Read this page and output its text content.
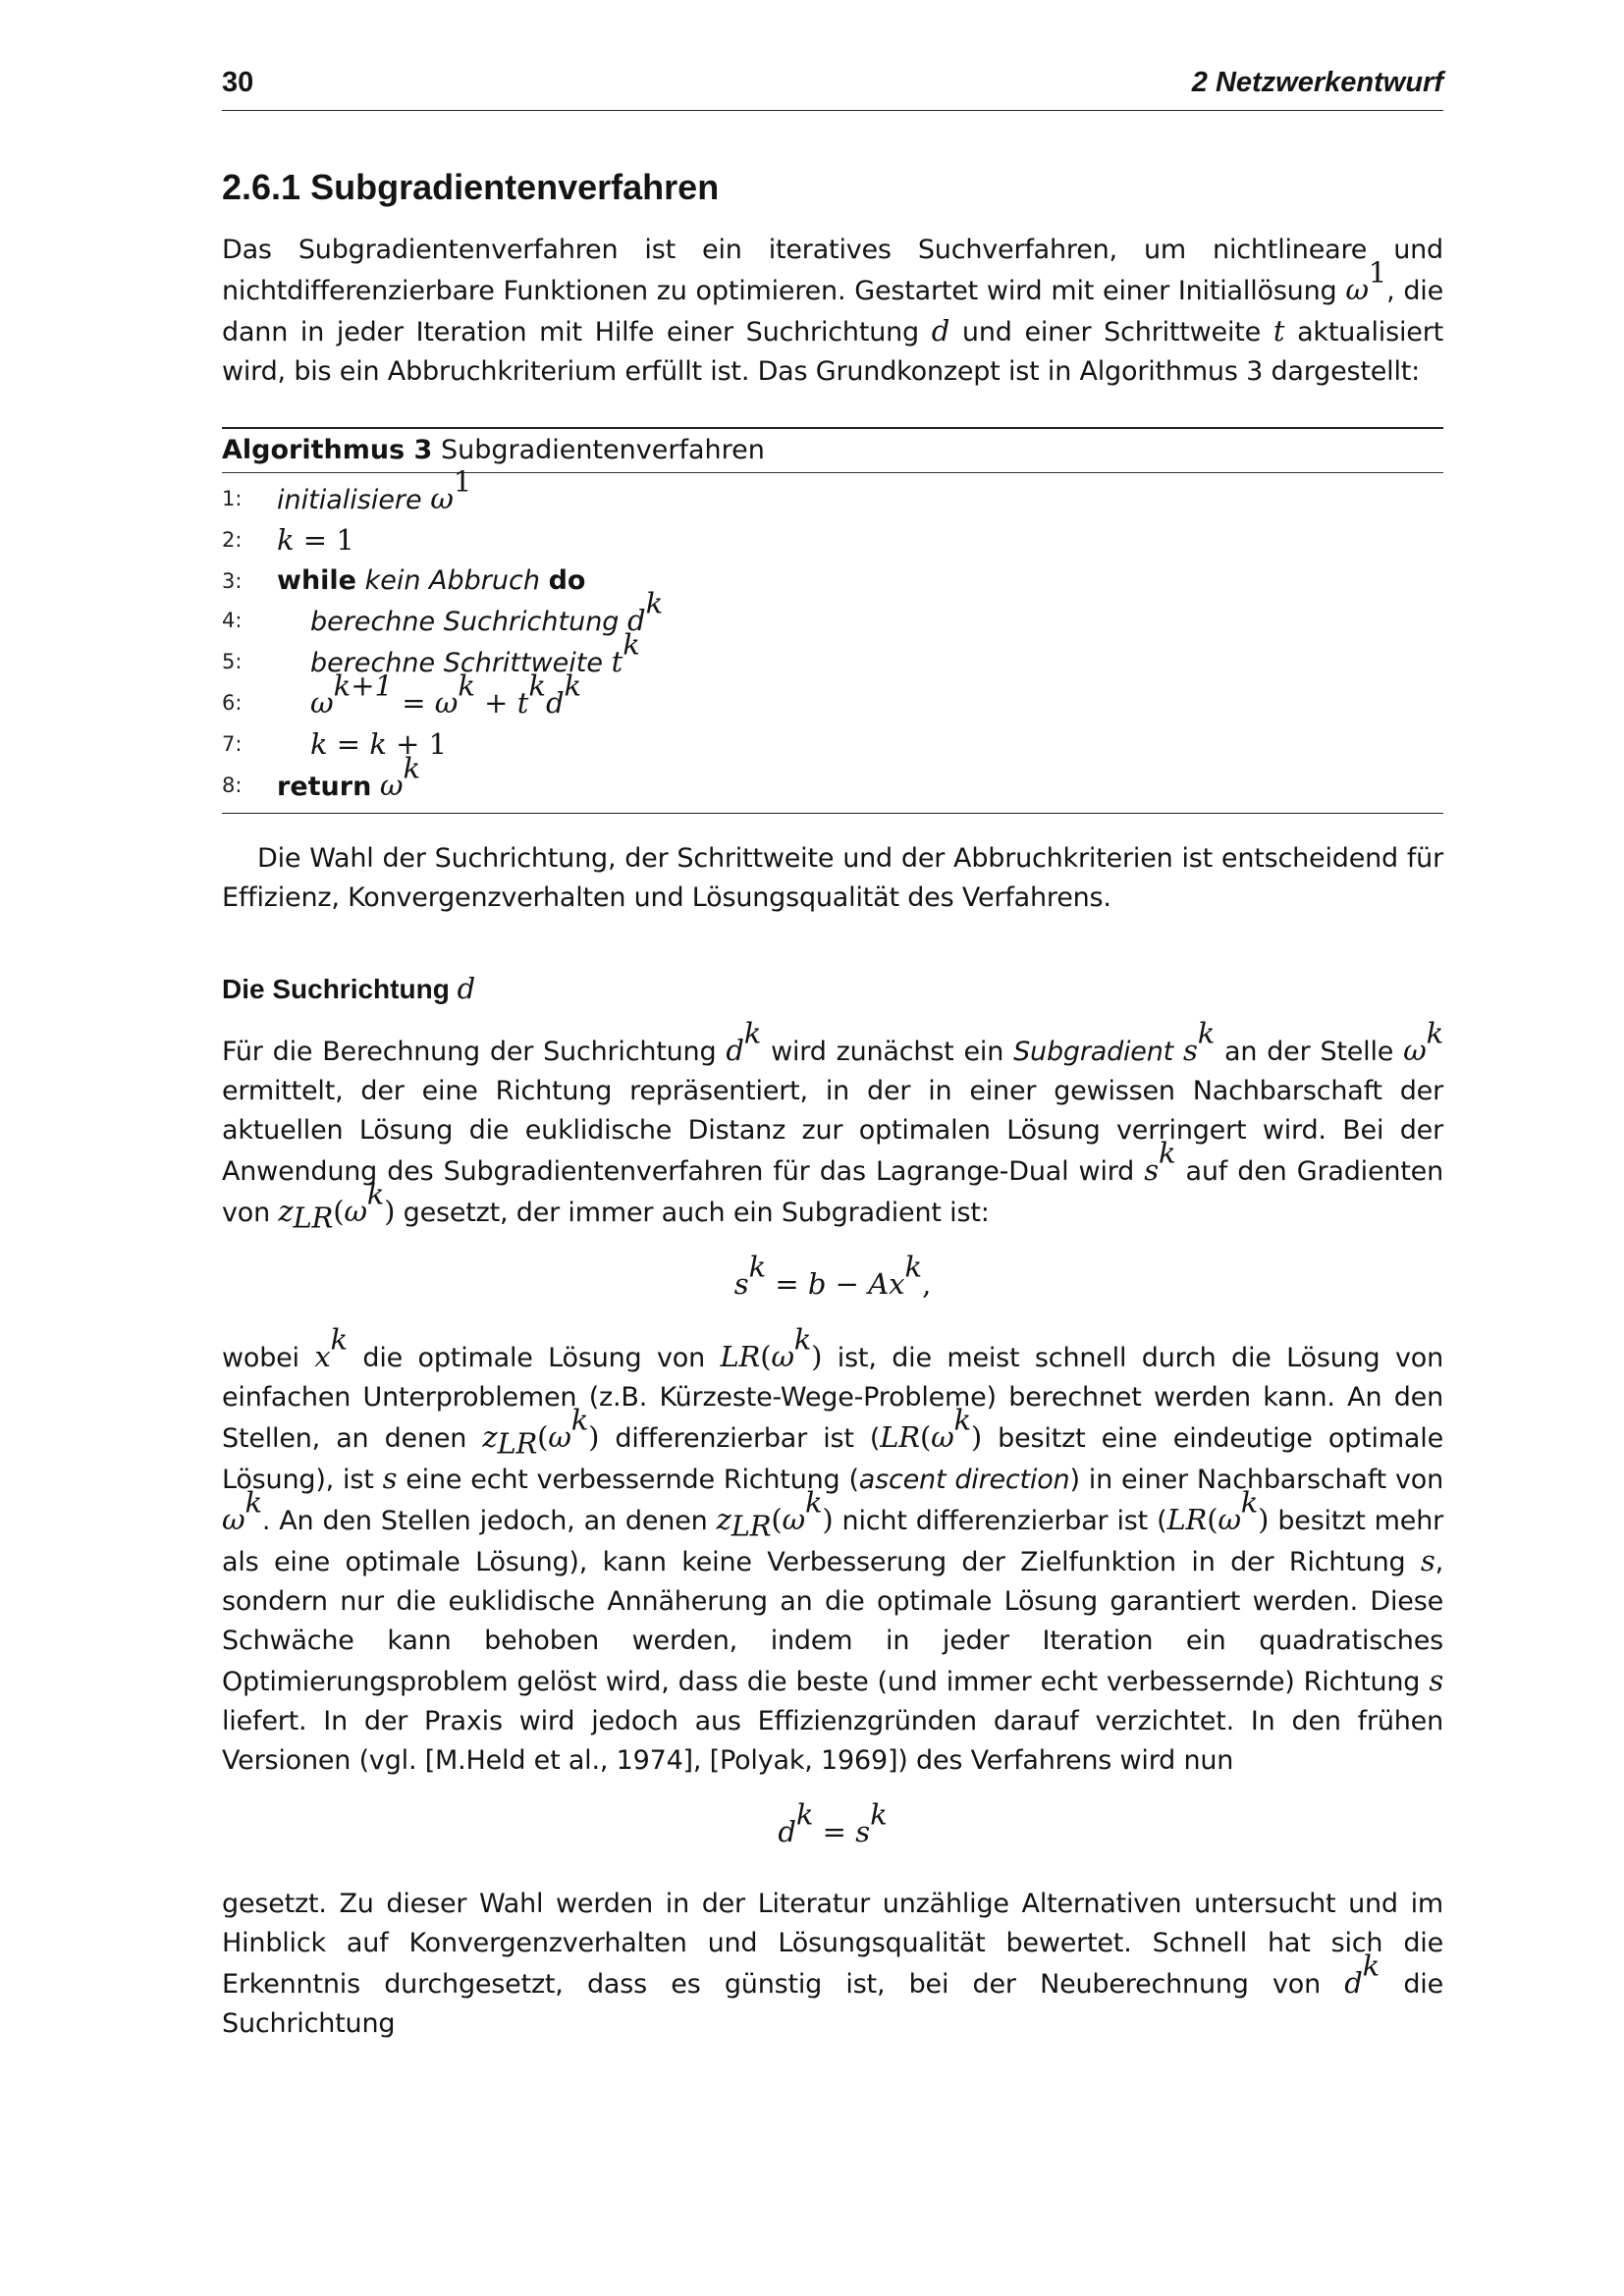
30	2 Netzwerkentwurf
2.6.1 Subgradientenverfahren

Das Subgradientenverfahren ist ein iteratives Suchverfahren, um nichtlineare und nichtdifferenzierbare Funktionen zu optimieren. Gestartet wird mit einer Initiallösung $\omega^1$, die dann in jeder Iteration mit Hilfe einer Suchrichtung d und einer Schrittweite t aktualisiert wird, bis ein Abbruchkriterium erfüllt ist. Das Grundkonzept ist in Algorithmus 3 dargestellt:

Algorithmus 3 Subgradientenverfahren
1:	initialisiere $\omega^1$
2:	k = 1
3:	while kein Abbruch do
4:	berechne Suchrichtung $d^k$
5:	berechne Schrittweite $t^k$
6:	$\omega^{k+1} = \omega^k + t^kd^k$
7:	k = k + 1
8:	return $\omega^k$

Die Wahl der Suchrichtung, der Schrittweite und der Abbruchkriterien ist entscheidend für Effizienz, Konvergenzverhalten und Lösungsqualität des Verfahrens.

Die Suchrichtung d

Für die Berechnung der Suchrichtung $d^k$ wird zunächst ein Subgradient $s^k$ an der Stelle $\omega^k$ ermittelt, der eine Richtung repräsentiert, in der in einer gewissen Nachbarschaft der aktuellen Lösung die euklidische Distanz zur optimalen Lösung verringert wird. Bei der Anwendung des Subgradientenverfahren für das Lagrange-Dual wird $s^k$ auf den Gradienten von $z_{LR}(\omega^k)$ gesetzt, der immer auch ein Subgradient ist:

$s^k = b - Ax^k$,

wobei $x^k$ die optimale Lösung von $LR(\omega^k)$ ist, die meist schnell durch die Lösung von einfachen Unterproblemen (z.B. Kürzeste-Wege-Probleme) berechnet werden kann. An den Stellen, an denen $z_{LR}(\omega^k)$ differenzierbar ist ($LR(\omega^k)$ besitzt eine eindeutige optimale Lösung), ist s eine echt verbessernde Richtung (ascent direction) in einer Nachbarschaft von $\omega^k$. An den Stellen jedoch, an denen $z_{LR}(\omega^k)$ nicht differenzierbar ist ($LR(\omega^k)$ besitzt mehr als eine optimale Lösung), kann keine Verbesserung der Zielfunktion in der Richtung s, sondern nur die euklidische Annäherung an die optimale Lösung garantiert werden. Diese Schwäche kann behoben werden, indem in jeder Iteration ein quadratisches Optimierungsproblem gelöst wird, dass die beste (und immer echt verbessernde) Richtung s liefert. In der Praxis wird jedoch aus Effizienzgründen darauf verzichtet. In den frühen Versionen (vgl. [M.Held et al., 1974], [Polyak, 1969]) des Verfahrens wird nun

$d^k = s^k$

gesetzt. Zu dieser Wahl werden in der Literatur unzählige Alternativen untersucht und im Hinblick auf Konvergenzverhalten und Lösungsqualität bewertet. Schnell hat sich die Erkenntnis durchgesetzt, dass es günstig ist, bei der Neuberechnung von $d^k$ die Suchrichtung
